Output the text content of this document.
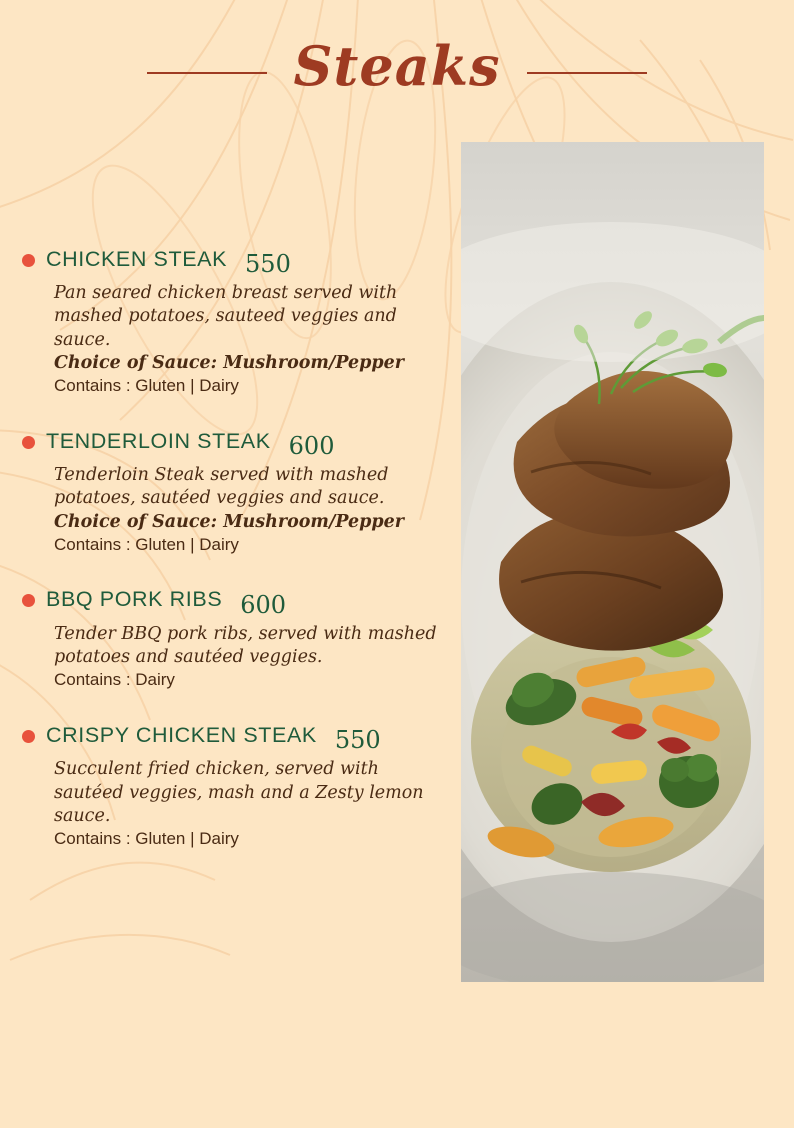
Steaks
CHICKEN STEAK 550

Pan seared chicken breast served with mashed potatoes, sauteed veggies and sauce.

Choice of Sauce: Mushroom/Pepper

Contains : Gluten | Dairy

TENDERLOIN STEAK 600

Tenderloin Steak served with mashed potatoes, sautéed veggies and sauce.

Choice of Sauce: Mushroom/Pepper

Contains : Gluten | Dairy

BBQ PORK RIBS 600

Tender BBQ pork ribs, served with mashed potatoes and sautéed veggies.

Contains : Dairy

CRISPY CHICKEN STEAK 550

Succulent fried chicken, served with sautéed veggies, mash and a Zesty lemon sauce.

Contains : Gluten | Dairy
